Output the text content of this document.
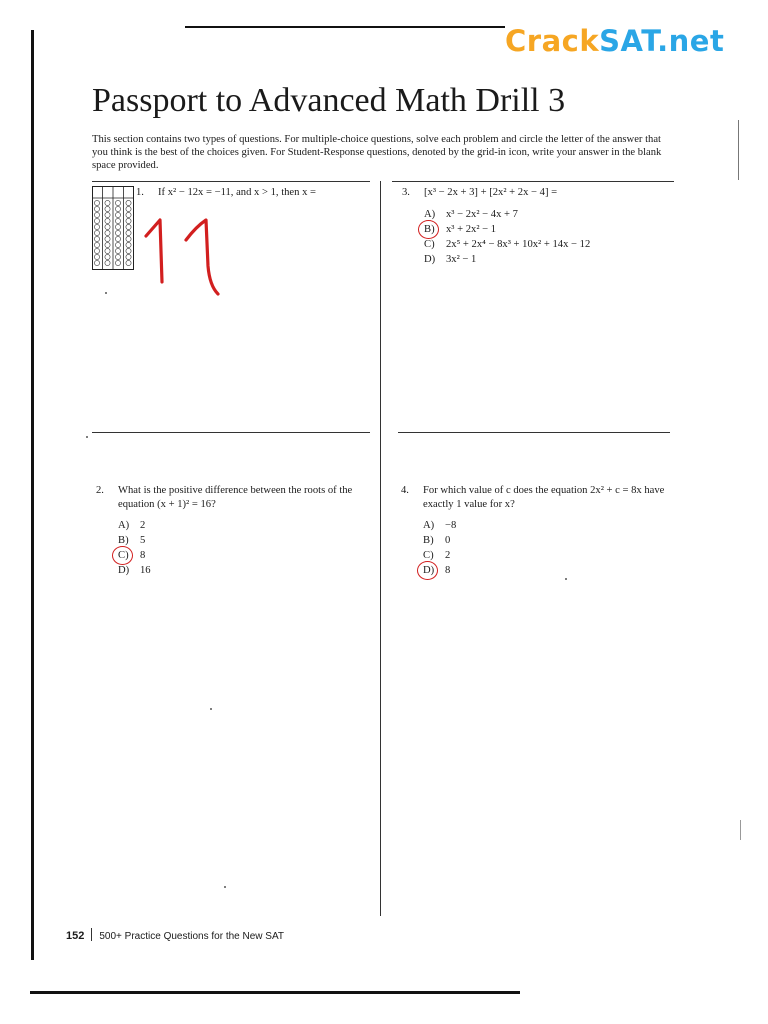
CrackSAT.net
Passport to Advanced Math Drill 3

This section contains two types of questions. For multiple-choice questions, solve each problem and circle the letter of the answer that you think is the best of the choices given. For Student-Response questions, denoted by the grid-in icon, write your answer in the blank space provided.

1. If x² − 12x = −11, and x > 1, then x =	3. [x³ − 2x + 3] + [2x² + 2x − 4] =
A) x³ − 2x² − 4x + 7
B) x³ + 2x² − 1
C) 2x⁵ + 2x⁴ − 8x³ + 10x² + 14x − 12
D) 3x² − 1
2. What is the positive difference between the roots of the equation (x + 1)² = 16?
A) 2
B) 5
C) 8
D) 16
4. For which value of c does the equation 2x² + c = 8x have exactly 1 value for x?
A) −8
B) 0
C) 2
D) 8
152 500+ Practice Questions for the New SAT
